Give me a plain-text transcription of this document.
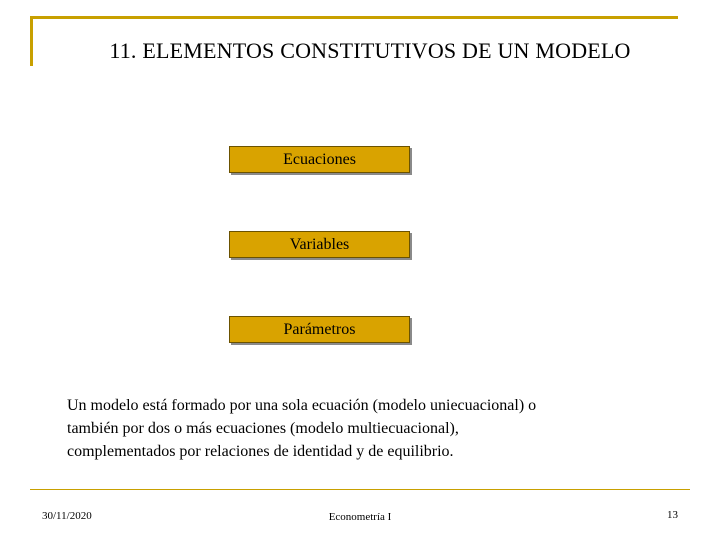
11. ELEMENTOS CONSTITUTIVOS DE UN MODELO
Ecuaciones
Variables
Parámetros
Un modelo está formado por una sola ecuación (modelo uniecuacional) o
también por dos o más ecuaciones (modelo multiecuacional),
complementados por relaciones de identidad y de equilibrio.
30/11/2020	Econometría I	13
